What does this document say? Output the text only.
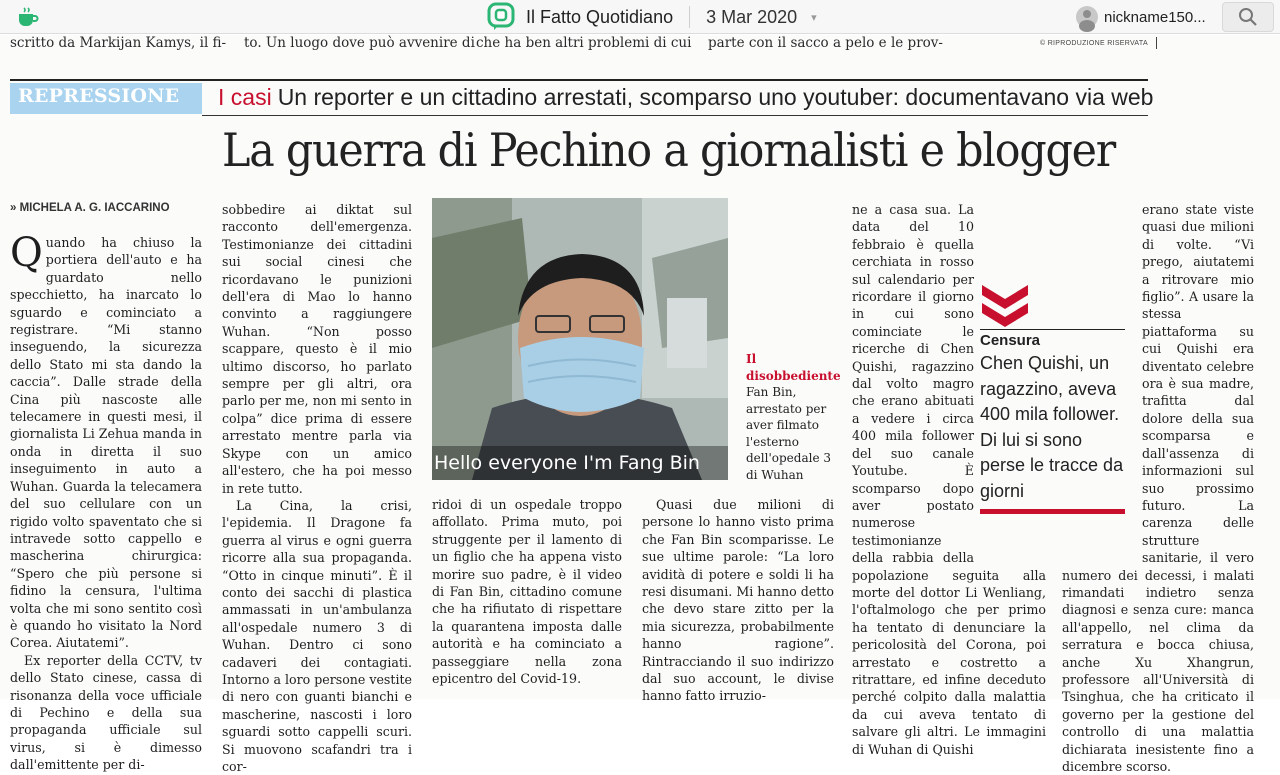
Il Fatto Quotidiano 3 Mar 2020 ▾	nickname150...
scritto da Markijan Kamys, il fi- to. Un luogo dove può avvenire di che ha ben altri problemi di cui parte con il sacco a pelo e le prov-	© RIPRODUZIONE RISERVATA
REPRESSIONE I casi Un reporter e un cittadino arrestati, scomparso uno youtuber: documentavano via web
La guerra di Pechino a giornalisti e blogger
» MICHELA A. G. IACCARINO

Quando ha chiuso la portiera dell'auto e ha guardato nello specchietto, ha inarcato lo sguardo e cominciato a registrare. “Mi stanno inseguendo, la sicurezza dello Stato mi sta dando la caccia”. Dalle strade della Cina più nascoste alle telecamere in questi mesi, il giornalista Li Zehua manda in onda in diretta il suo inseguimento in auto a Wuhan. Guarda la telecamera del suo cellulare con un rigido volto spaventato che si intravede sotto cappello e mascherina chirurgica: “Spero che più persone si fidino la censura, l'ultima volta che mi sono sentito così è quando ho visitato la Nord Corea. Aiutatemi”.

Ex reporter della CCTV, tv dello Stato cinese, cassa di risonanza della voce ufficiale di Pechino e della sua propaganda ufficiale sul virus, si è dimesso dall'emittente per di-

sobbedire ai diktat sul racconto dell'emergenza. Testimonianze dei cittadini sui social cinesi che ricordavano le punizioni dell'era di Mao lo hanno convinto a raggiungere Wuhan. “Non posso scappare, questo è il mio ultimo discorso, ho parlato sempre per gli altri, ora parlo per me, non mi sento in colpa” dice prima di essere arrestato mentre parla via Skype con un amico all'estero, che ha poi messo in rete tutto.

La Cina, la crisi, l'epidemia. Il Dragone fa guerra al virus e ogni guerra ricorre alla sua propaganda. “Otto in cinque minuti”. È il conto dei sacchi di plastica ammassati in un'ambulanza all'ospedale numero 3 di Wuhan. Dentro ci sono cadaveri dei contagiati. Intorno a loro persone vestite di nero con guanti bianchi e mascherine, nascosti i loro sguardi sotto cappelli scuri. Si muovono scafandri tra i cor-

Hello everyone I'm Fang Bin
Il disobbediente
Fan Bin, arrestato per aver filmato l'esterno dell'opedale 3 di Wuhan

ridoi di un ospedale troppo affollato. Prima muto, poi struggente per il lamento di un figlio che ha appena visto morire suo padre, è il video di Fan Bin, cittadino comune che ha rifiutato di rispettare la quarantena imposta dalle autorità e ha cominciato a passeggiare nella zona epicentro del Covid-19.

Quasi due milioni di persone lo hanno visto prima che Fan Bin scomparisse. Le sue ultime parole: “La loro avidità di potere e soldi li ha resi disumani. Mi hanno detto che devo stare zitto per la mia sicurezza, probabilmente hanno ragione”. Rintracciando il suo indirizzo dal suo account, le divise hanno fatto irruzio-

ne a casa sua. La data del 10 febbraio è quella cerchiata in rosso sul calendario per ricordare il giorno in cui sono cominciate le ricerche di Chen Quishi, ragazzino dal volto magro che erano abituati a vedere i circa 400 mila follower del suo canale Youtube. È scomparso dopo aver postato numerose testimonianze della rabbia della popolazione seguita alla morte del dottor Li Wenliang, l'oftalmologo che per primo ha tentato di denunciare la pericolosità del Corona, poi arrestato e costretto a ritrattare, ed infine deceduto perché colpito dalla malattia da cui aveva tentato di salvare gli altri. Le immagini di Wuhan di Quishi

Censura
Chen Quishi, un ragazzino, aveva 400 mila follower. Di lui si sono perse le tracce da giorni

erano state viste quasi due milioni di volte. “Vi prego, aiutatemi a ritrovare mio figlio”. A usare la stessa piattaforma su cui Quishi era diventato celebre ora è sua madre, trafitta dal dolore della sua scomparsa e dall'assenza di informazioni sul suo prossimo futuro. La carenza delle strutture sanitarie, il vero numero dei decessi, i malati rimandati indietro senza diagnosi e senza cure: manca all'appello, nel clima da serratura e bocca chiusa, anche Xu Xhangrun, professore all'Università di Tsinghua, che ha criticato il governo per la gestione del controllo di una malattia dichiarata inesistente fino a dicembre scorso.
